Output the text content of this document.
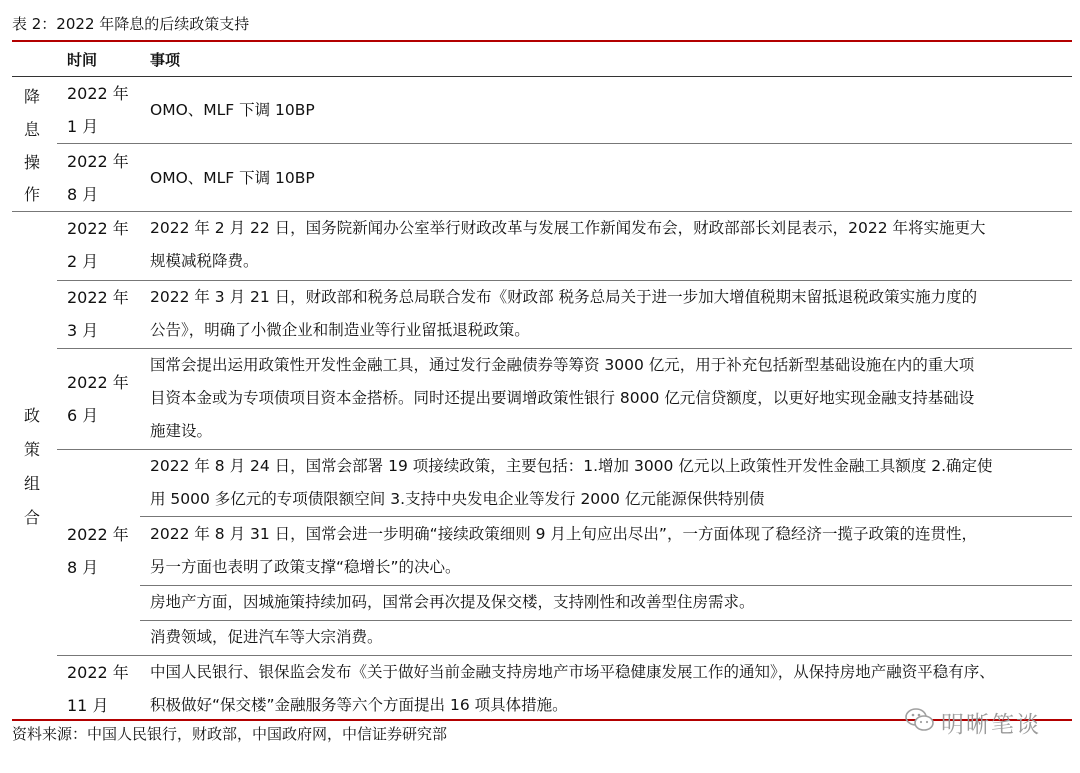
表 2：2022 年降息的后续政策支持
时间	事项
降
息
操
作
2022 年
1 月
OMO、MLF 下调 10BP
2022 年
8 月
OMO、MLF 下调 10BP
政
策
组
合
2022 年
2 月
2022 年 2 月 22 日，国务院新闻办公室举行财政改革与发展工作新闻发布会，财政部部长刘昆表示，2022 年将实施更大
规模减税降费。
2022 年
3 月
2022 年 3 月 21 日，财政部和税务总局联合发布《财政部 税务总局关于进一步加大增值税期末留抵退税政策实施力度的
公告》，明确了小微企业和制造业等行业留抵退税政策。
2022 年
6 月
国常会提出运用政策性开发性金融工具，通过发行金融债券等筹资 3000 亿元，用于补充包括新型基础设施在内的重大项
目资本金或为专项债项目资本金搭桥。同时还提出要调增政策性银行 8000 亿元信贷额度，以更好地实现金融支持基础设
施建设。
2022 年
8 月
2022 年 8 月 24 日，国常会部署 19 项接续政策，主要包括：1.增加 3000 亿元以上政策性开发性金融工具额度 2.确定使
用 5000 多亿元的专项债限额空间 3.支持中央发电企业等发行 2000 亿元能源保供特别债
2022 年 8 月 31 日，国常会进一步明确“接续政策细则 9 月上旬应出尽出”，一方面体现了稳经济一揽子政策的连贯性，
另一方面也表明了政策支撑“稳增长”的决心。
房地产方面，因城施策持续加码，国常会再次提及保交楼，支持刚性和改善型住房需求。
消费领域，促进汽车等大宗消费。
2022 年
11 月
中国人民银行、银保监会发布《关于做好当前金融支持房地产市场平稳健康发展工作的通知》，从保持房地产融资平稳有序、
积极做好“保交楼”金融服务等六个方面提出 16 项具体措施。
资料来源：中国人民银行，财政部，中国政府网，中信证券研究部	明晰笔谈
